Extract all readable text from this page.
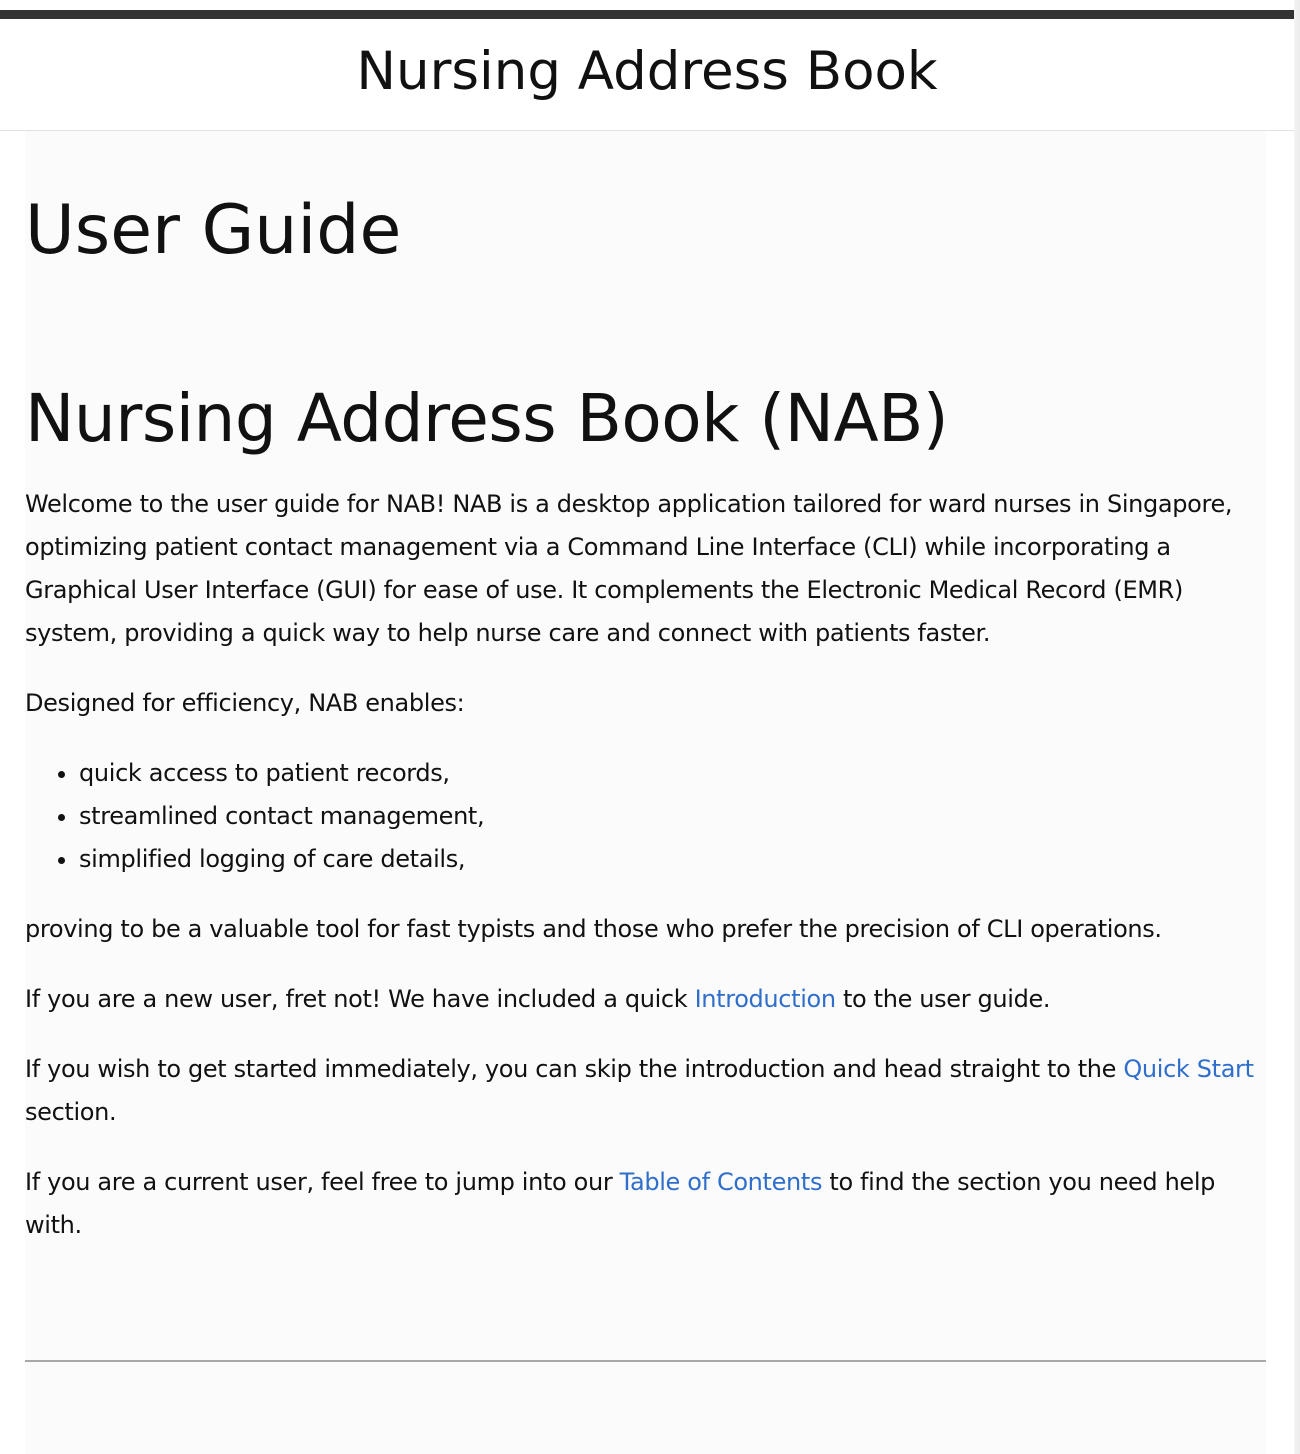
Nursing Address Book
User Guide
Nursing Address Book (NAB)

Welcome to the user guide for NAB! NAB is a desktop application tailored for ward nurses in Singapore, optimizing patient contact management via a Command Line Interface (CLI) while incorporating a Graphical User Interface (GUI) for ease of use. It complements the Electronic Medical Record (EMR) system, providing a quick way to help nurse care and connect with patients faster.

Designed for efficiency, NAB enables:

• quick access to patient records,
• streamlined contact management,
• simplified logging of care details,

proving to be a valuable tool for fast typists and those who prefer the precision of CLI operations.

If you are a new user, fret not! We have included a quick Introduction to the user guide.

If you wish to get started immediately, you can skip the introduction and head straight to the Quick Start section.

If you are a current user, feel free to jump into our Table of Contents to find the section you need help with.
